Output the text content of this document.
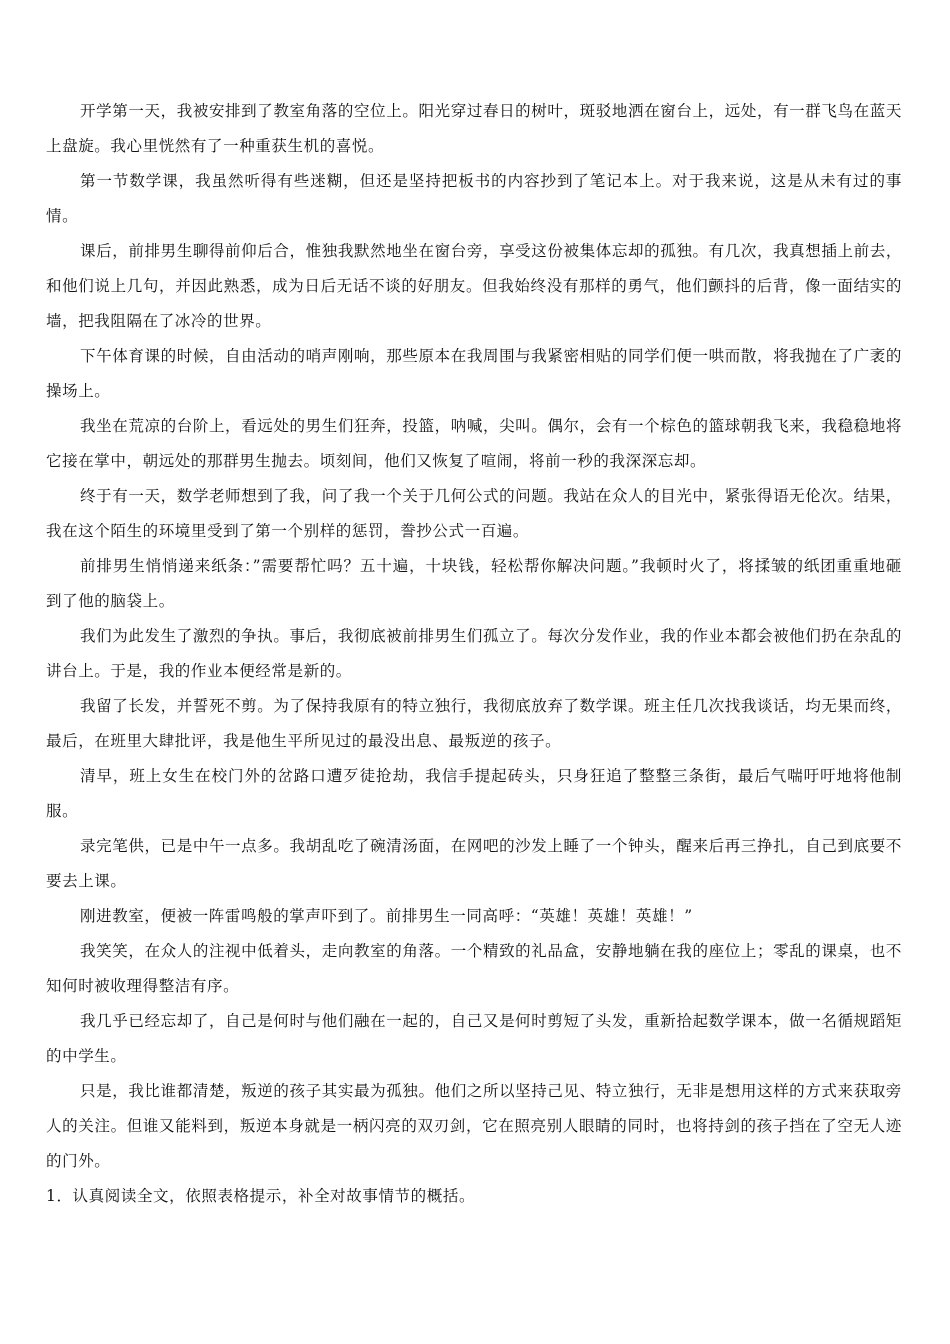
开学第一天，我被安排到了教室角落的空位上。阳光穿过春日的树叶，斑驳地洒在窗台上，远处，有一群飞鸟在蓝天上盘旋。我心里恍然有了一种重获生机的喜悦。

第一节数学课，我虽然听得有些迷糊，但还是坚持把板书的内容抄到了笔记本上。对于我来说，这是从未有过的事情。

课后，前排男生聊得前仰后合，惟独我默然地坐在窗台旁，享受这份被集体忘却的孤独。有几次，我真想插上前去，和他们说上几句，并因此熟悉，成为日后无话不谈的好朋友。但我始终没有那样的勇气，他们颤抖的后背，像一面结实的墙，把我阻隔在了冰冷的世界。

下午体育课的时候，自由活动的哨声刚响，那些原本在我周围与我紧密相贴的同学们便一哄而散，将我抛在了广袤的操场上。

我坐在荒凉的台阶上，看远处的男生们狂奔，投篮，呐喊，尖叫。偶尔，会有一个棕色的篮球朝我飞来，我稳稳地将它接在掌中，朝远处的那群男生抛去。顷刻间，他们又恢复了喧闹，将前一秒的我深深忘却。

终于有一天，数学老师想到了我，问了我一个关于几何公式的问题。我站在众人的目光中，紧张得语无伦次。结果，我在这个陌生的环境里受到了第一个别样的惩罚，誊抄公式一百遍。

前排男生悄悄递来纸条：”需要帮忙吗？五十遍，十块钱，轻松帮你解决问题。”我顿时火了，将揉皱的纸团重重地砸到了他的脑袋上。

我们为此发生了激烈的争执。事后，我彻底被前排男生们孤立了。每次分发作业，我的作业本都会被他们扔在杂乱的讲台上。于是，我的作业本便经常是新的。

我留了长发，并誓死不剪。为了保持我原有的特立独行，我彻底放弃了数学课。班主任几次找我谈话，均无果而终，最后，在班里大肆批评，我是他生平所见过的最没出息、最叛逆的孩子。

清早，班上女生在校门外的岔路口遭歹徒抢劫，我信手提起砖头，只身狂追了整整三条街，最后气喘吁吁地将他制服。

录完笔供，已是中午一点多。我胡乱吃了碗清汤面，在网吧的沙发上睡了一个钟头，醒来后再三挣扎，自己到底要不要去上课。

刚进教室，便被一阵雷鸣般的掌声吓到了。前排男生一同高呼：“英雄！英雄！英雄！”

我笑笑，在众人的注视中低着头，走向教室的角落。一个精致的礼品盒，安静地躺在我的座位上；零乱的课桌，也不知何时被收理得整洁有序。

我几乎已经忘却了，自己是何时与他们融在一起的，自己又是何时剪短了头发，重新拾起数学课本，做一名循规蹈矩的中学生。

只是，我比谁都清楚，叛逆的孩子其实最为孤独。他们之所以坚持己见、特立独行，无非是想用这样的方式来获取旁人的关注。但谁又能料到，叛逆本身就是一柄闪亮的双刃剑，它在照亮别人眼睛的同时，也将持剑的孩子挡在了空无人迹的门外。

1．认真阅读全文，依照表格提示，补全对故事情节的概括。
